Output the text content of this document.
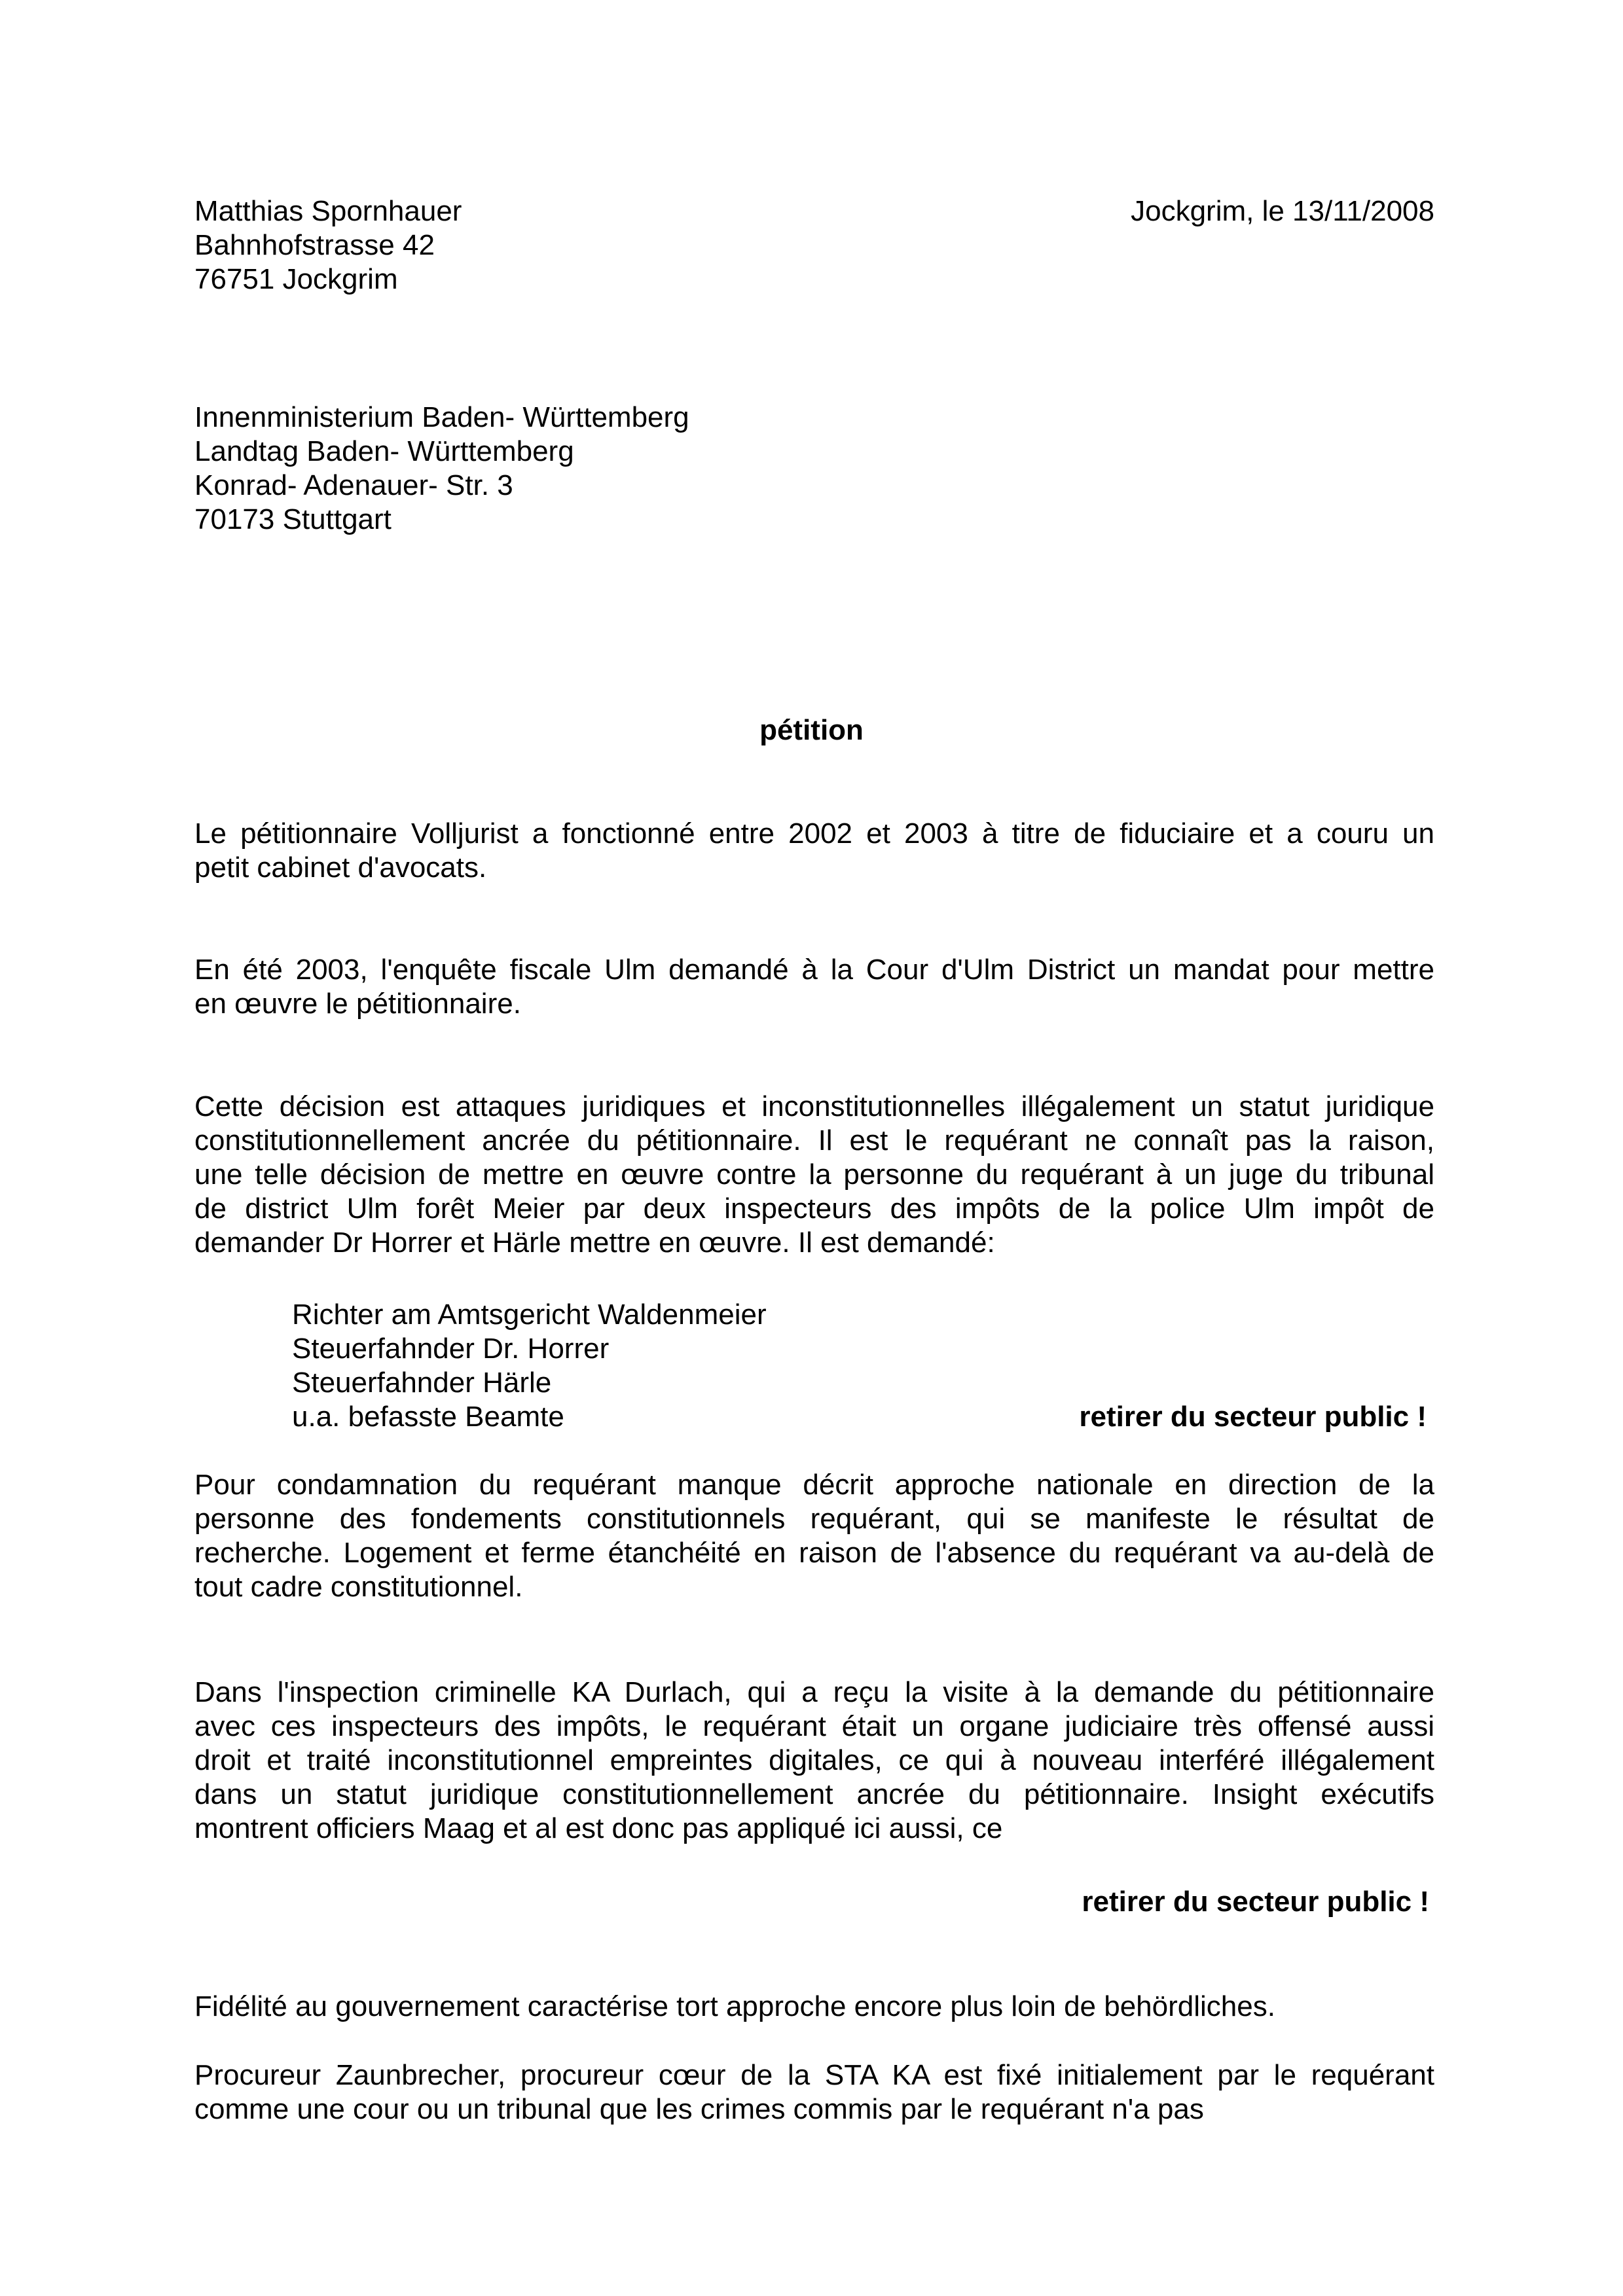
Matthias Spornhauer
Bahnhofstrasse 42
76751 Jockgrim
Jockgrim, le 13/11/2008
Innenministerium Baden- Württemberg
Landtag Baden- Württemberg
Konrad- Adenauer- Str. 3
70173 Stuttgart
pétition
Le pétitionnaire Volljurist a fonctionné entre 2002 et 2003 à titre de fiduciaire et a couru un
petit cabinet d'avocats.
En été 2003, l'enquête fiscale Ulm demandé à la Cour d'Ulm District un mandat pour mettre
en œuvre le pétitionnaire.
Cette décision est attaques juridiques et inconstitutionnelles illégalement un statut juridique
constitutionnellement ancrée du pétitionnaire. Il est le requérant ne connaît pas la raison,
une telle décision de mettre en œuvre contre la personne du requérant à un juge du tribunal
de district Ulm forêt Meier par deux inspecteurs des impôts de la police Ulm impôt de
demander Dr Horrer et Härle mettre en œuvre. Il est demandé:
Richter am Amtsgericht Waldenmeier
Steuerfahnder Dr. Horrer
Steuerfahnder Härle
u.a. befasste Beamte	retirer du secteur public !
Pour condamnation du requérant manque décrit approche nationale en direction de la
personne des fondements constitutionnels requérant, qui se manifeste le résultat de
recherche. Logement et ferme étanchéité en raison de l'absence du requérant va au-delà de
tout cadre constitutionnel.
Dans l'inspection criminelle KA Durlach, qui a reçu la visite à la demande du pétitionnaire
avec ces inspecteurs des impôts, le requérant était un organe judiciaire très offensé aussi
droit et traité inconstitutionnel empreintes digitales, ce qui à nouveau interféré illégalement
dans un statut juridique constitutionnellement ancrée du pétitionnaire. Insight exécutifs
montrent officiers Maag et al est donc pas appliqué ici aussi, ce
retirer du secteur public !
Fidélité au gouvernement caractérise tort approche encore plus loin de behördliches.
Procureur Zaunbrecher, procureur cœur de la STA KA est fixé initialement par le requérant
comme une cour ou un tribunal que les crimes commis par le requérant n'a pas
